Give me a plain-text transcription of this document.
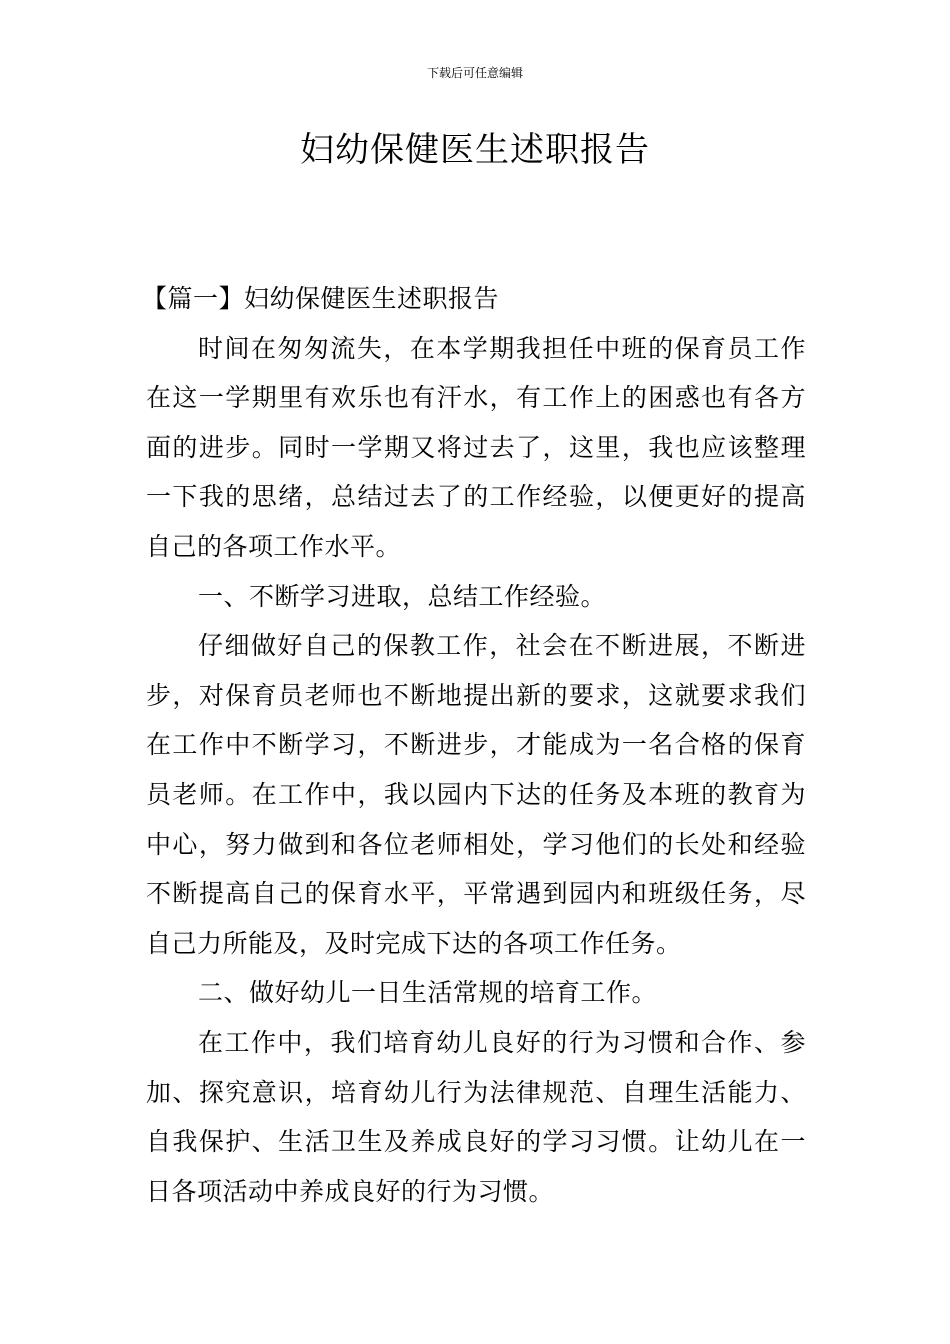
下载后可任意编辑
妇幼保健医生述职报告

【篇一】妇幼保健医生述职报告

时间在匆匆流失，在本学期我担任中班的保育员工作在这一学期里有欢乐也有汗水，有工作上的困惑也有各方面的进步。同时一学期又将过去了，这里，我也应该整理一下我的思绪，总结过去了的工作经验，以便更好的提高自己的各项工作水平。

一、不断学习进取，总结工作经验。

仔细做好自己的保教工作，社会在不断进展，不断进步，对保育员老师也不断地提出新的要求，这就要求我们在工作中不断学习，不断进步，才能成为一名合格的保育员老师。在工作中，我以园内下达的任务及本班的教育为中心，努力做到和各位老师相处，学习他们的长处和经验不断提高自己的保育水平，平常遇到园内和班级任务，尽自己力所能及，及时完成下达的各项工作任务。

二、做好幼儿一日生活常规的培育工作。

在工作中，我们培育幼儿良好的行为习惯和合作、参加、探究意识，培育幼儿行为法律规范、自理生活能力、自我保护、生活卫生及养成良好的学习习惯。让幼儿在一日各项活动中养成良好的行为习惯。
